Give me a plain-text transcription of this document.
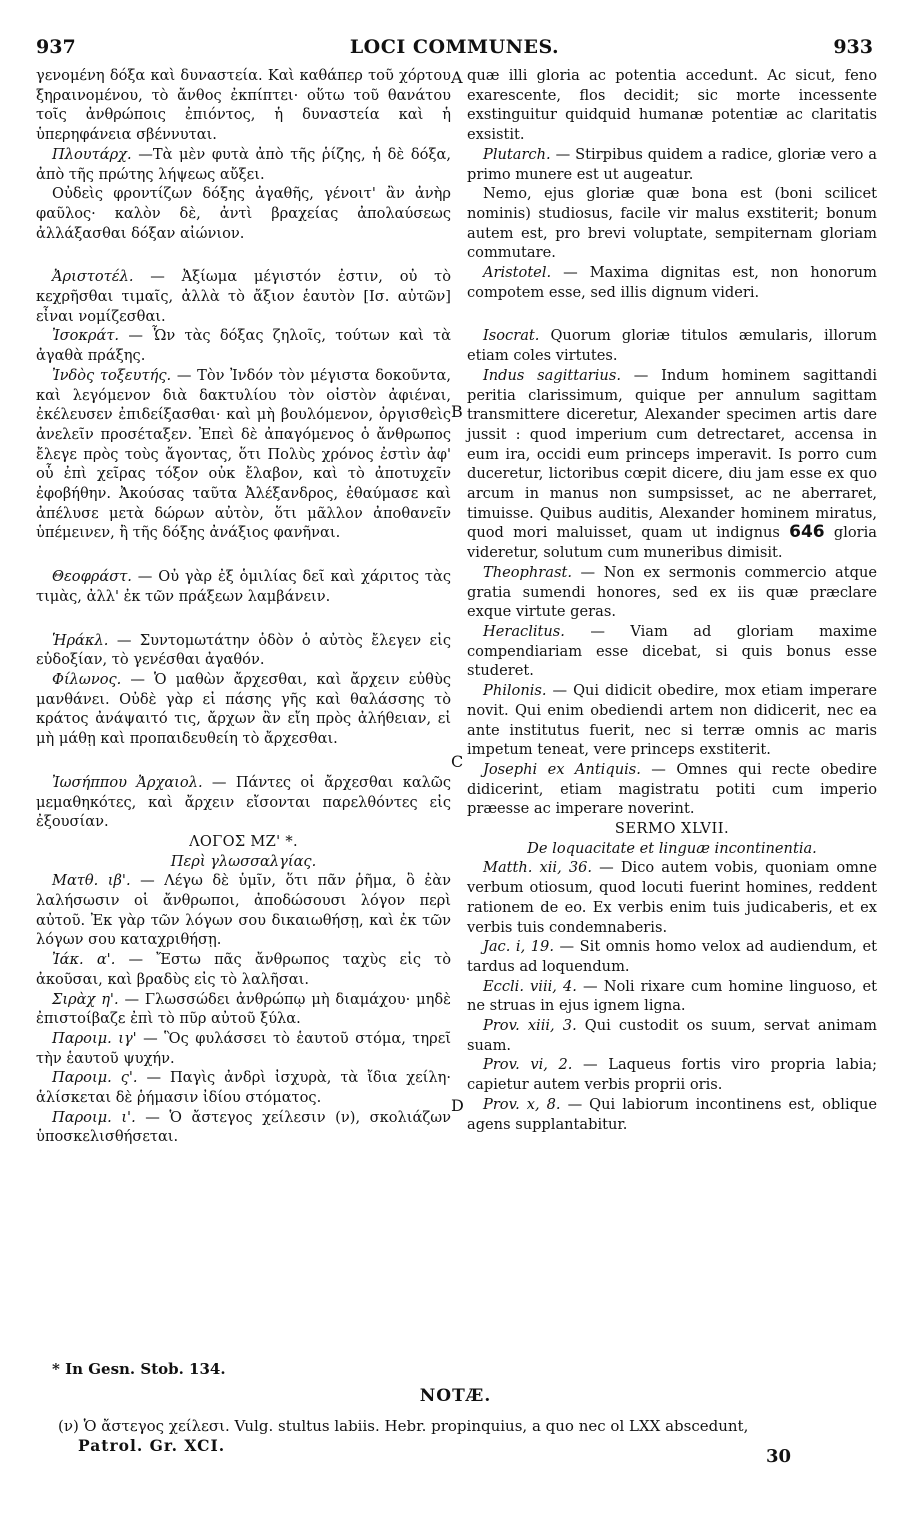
937	LOCI COMMUNES.	933
A
B
C
D

γενομένη δόξα καὶ δυναστεία. Καὶ καθάπερ τοῦ χόρτου ξηραινομένου, τὸ ἄνθος ἐκπίπτει· οὕτω τοῦ θανάτου τοῖς ἀνθρώποις ἐπιόντος, ἡ δυναστεία καὶ ἡ ὑπερηφάνεια σβέννυται.

Πλουτάρχ. —Τὰ μὲν φυτὰ ἀπὸ τῆς ῥίζης, ἡ δὲ δόξα, ἀπὸ τῆς πρώτης λήψεως αὔξει.

Οὐδεὶς φροντίζων δόξης ἀγαθῆς, γένοιτ' ἂν ἀνὴρ φαῦλος· καλὸν δὲ, ἀντὶ βραχείας ἀπολαύσεως ἀλλάξασθαι δόξαν αἰώνιον.

Ἀριστοτέλ. — Ἀξίωμα μέγιστόν ἐστιν, οὐ τὸ κεχρῆσθαι τιμαῖς, ἀλλὰ τὸ ἄξιον ἑαυτὸν [Ισ. αὐτῶν] εἶναι νομίζεσθαι.

Ἰσοκράτ. — Ὧν τὰς δόξας ζηλοῖς, τούτων καὶ τὰ ἀγαθὰ πράξης.

Ἰνδὸς τοξευτής. — Τὸν Ἰνδόν τὸν μέγιστα δοκοῦντα, καὶ λεγόμενον διὰ δακτυλίου τὸν οἰστὸν ἀφιέναι, ἐκέλευσεν ἐπιδείξασθαι· καὶ μὴ βουλόμενον, ὀργισθεὶς ἀνελεῖν προσέταξεν. Ἐπεὶ δὲ ἀπαγόμενος ὁ ἄνθρωπος ἔλεγε πρὸς τοὺς ἄγοντας, ὅτι Πολὺς χρόνος ἐστὶν ἀφ' οὗ ἐπὶ χεῖρας τόξον οὐκ ἔλαβον, καὶ τὸ ἀποτυχεῖν ἐφοβήθην. Ἀκούσας ταῦτα Ἀλέξανδρος, ἐθαύμασε καὶ ἀπέλυσε μετὰ δώρων αὐτὸν, ὅτι μᾶλλον ἀποθανεῖν ὑπέμεινεν, ἢ τῆς δόξης ἀνάξιος φανῆναι.

Θεοφράστ. — Οὐ γὰρ ἐξ ὁμιλίας δεῖ καὶ χάριτος τὰς τιμὰς, ἀλλ' ἐκ τῶν πράξεων λαμβάνειν.

Ἡράκλ. — Συντομωτάτην ὁδὸν ὁ αὐτὸς ἔλεγεν εἰς εὐδοξίαν, τὸ γενέσθαι ἀγαθόν.

Φίλωνος. — Ὁ μαθὼν ἄρχεσθαι, καὶ ἄρχειν εὐθὺς μανθάνει. Οὐδὲ γὰρ εἰ πάσης γῆς καὶ θαλάσσης τὸ κράτος ἀνάψαιτό τις, ἄρχων ἂν εἴη πρὸς ἀλήθειαν, εἰ μὴ μάθῃ καὶ προπαιδευθείη τὸ ἄρχεσθαι.

Ἰωσήππου Ἀρχαιολ. — Πάντες οἱ ἄρχεσθαι καλῶς μεμαθηκότες, καὶ ἄρχειν εἴσονται παρελθόντες εἰς ἐξουσίαν.

ΛΟΓΟΣ ΜΖ' *.

Περὶ γλωσσαλγίας.

Ματθ. ιβ'. — Λέγω δὲ ὑμῖν, ὅτι πᾶν ῥῆμα, ὃ ἐὰν λαλήσωσιν οἱ ἄνθρωποι, ἀποδώσουσι λόγον περὶ αὐτοῦ. Ἐκ γὰρ τῶν λόγων σου δικαιωθήσῃ, καὶ ἐκ τῶν λόγων σου καταχριθήσῃ.

Ἰάκ. α'. — Ἔστω πᾶς ἄνθρωπος ταχὺς εἰς τὸ ἀκοῦσαι, καὶ βραδὺς εἰς τὸ λαλῆσαι.

Σιρὰχ η'. — Γλωσσώδει ἀνθρώπῳ μὴ διαμάχου· μηδὲ ἐπιστοίβαζε ἐπὶ τὸ πῦρ αὐτοῦ ξύλα.

Παροιμ. ιγ' — Ὃς φυλάσσει τὸ ἑαυτοῦ στόμα, τηρεῖ τὴν ἑαυτοῦ ψυχήν.

Παροιμ. ς'. — Παγὶς ἀνδρὶ ἰσχυρὰ, τὰ ἴδια χείλη· ἁλίσκεται δὲ ῥήμασιν ἰδίου στόματος.

Παροιμ. ι'. — Ὁ ἄστεγος χείλεσιν (ν), σκολιάζων ὑποσκελισθήσεται.

quæ illi gloria ac potentia accedunt. Ac sicut, feno exarescente, flos decidit; sic morte incessente exstinguitur quidquid humanæ potentiæ ac claritatis exsistit.

Plutarch. — Stirpibus quidem a radice, gloriæ vero a primo munere est ut augeatur.

Nemo, ejus gloriæ quæ bona est (boni scilicet nominis) studiosus, facile vir malus exstiterit; bonum autem est, pro brevi voluptate, sempiternam gloriam commutare.

Aristotel. — Maxima dignitas est, non honorum compotem esse, sed illis dignum videri.

Isocrat. Quorum gloriæ titulos æmularis, illorum etiam coles virtutes.

Indus sagittarius. — Indum hominem sagittandi peritia clarissimum, quique per annulum sagittam transmittere diceretur, Alexander specimen artis dare jussit : quod imperium cum detrectaret, accensa in eum ira, occidi eum princeps imperavit. Is porro cum duceretur, lictoribus cœpit dicere, diu jam esse ex quo arcum in manus non sumpsisset, ac ne aberraret, timuisse. Quibus auditis, Alexander hominem miratus, quod mori maluisset, quam ut indignus 646 gloria videretur, solutum cum muneribus dimisit.

Theophrast. — Non ex sermonis commercio atque gratia sumendi honores, sed ex iis quæ præclare exque virtute geras.

Heraclitus. — Viam ad gloriam maxime compendiariam esse dicebat, si quis bonus esse studeret.

Philonis. — Qui didicit obedire, mox etiam imperare novit. Qui enim obediendi artem non didicerit, nec ea ante institutus fuerit, nec si terræ omnis ac maris impetum teneat, vere princeps exstiterit.

Josephi ex Antiquis. — Omnes qui recte obedire didicerint, etiam magistratu potiti cum imperio præesse ac imperare noverint.

SERMO XLVII.

De loquacitate et linguæ incontinentia.

Matth. xii, 36. — Dico autem vobis, quoniam omne verbum otiosum, quod locuti fuerint homines, reddent rationem de eo. Ex verbis enim tuis judicaberis, et ex verbis tuis condemnaberis.

Jac. i, 19. — Sit omnis homo velox ad audiendum, et tardus ad loquendum.

Eccli. viii, 4. — Noli rixare cum homine linguoso, et ne struas in ejus ignem ligna.

Prov. xiii, 3. Qui custodit os suum, servat animam suam.

Prov. vi, 2. — Laqueus fortis viro propria labia; capietur autem verbis proprii oris.

Prov. x, 8. — Qui labiorum incontinens est, oblique agens supplantabitur.

* In Gesn. Stob. 134.
NOTÆ.
(ν) Ὁ ἄστεγος χείλεσι. Vulg. stultus labiis. Hebr. propinquius, a quo nec ol LXX abscedunt,
Patrol. Gr. XCI.
30
